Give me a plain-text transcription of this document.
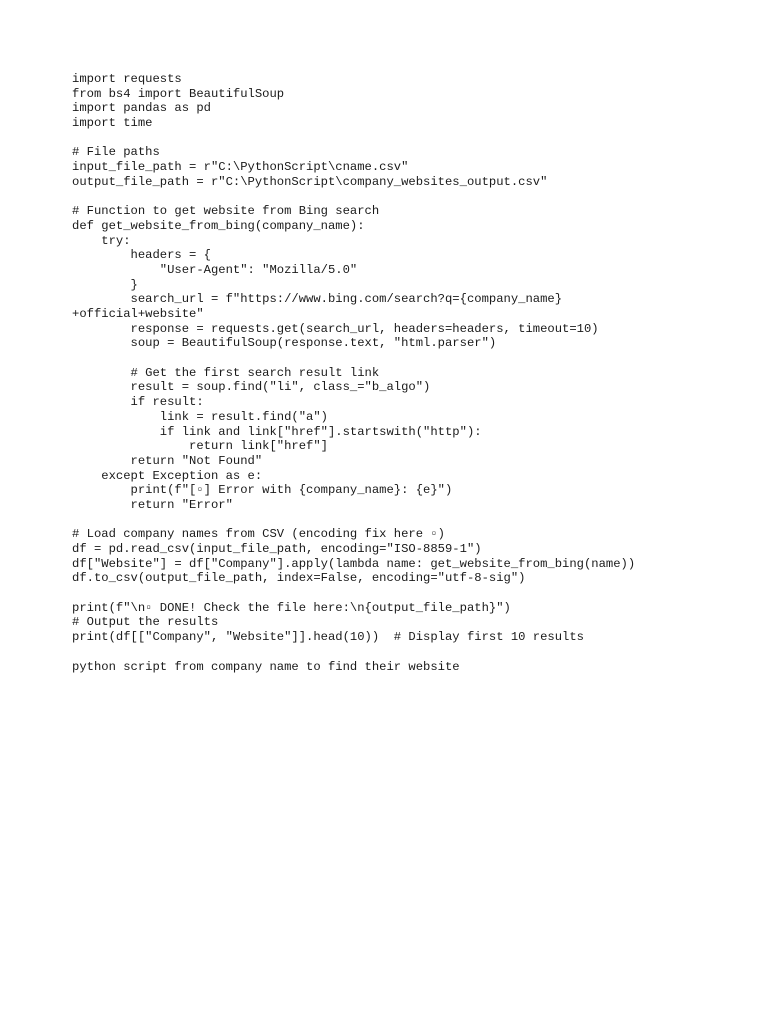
import requests
from bs4 import BeautifulSoup
import pandas as pd
import time
# File paths
input_file_path = r"C:\PythonScript\cname.csv"
output_file_path = r"C:\PythonScript\company_websites_output.csv"
# Function to get website from Bing search
def get_website_from_bing(company_name):
try:
headers = {
"User-Agent": "Mozilla/5.0"
}
search_url = f"https://www.bing.com/search?q={company_name}
+official+website"
response = requests.get(search_url, headers=headers, timeout=10)
soup = BeautifulSoup(response.text, "html.parser")
# Get the first search result link
result = soup.find("li", class_="b_algo")
if result:
link = result.find("a")
if link and link["href"].startswith("http"):
return link["href"]
return "Not Found"
except Exception as e:
print(f"[▫] Error with {company_name}: {e}")
return "Error"
# Load company names from CSV (encoding fix here ▫)
df = pd.read_csv(input_file_path, encoding="ISO-8859-1")
df["Website"] = df["Company"].apply(lambda name: get_website_from_bing(name))
df.to_csv(output_file_path, index=False, encoding="utf-8-sig")
print(f"\n▫ DONE! Check the file here:\n{output_file_path}")
# Output the results
print(df[["Company", "Website"]].head(10))  # Display first 10 results
python script from company name to find their website
